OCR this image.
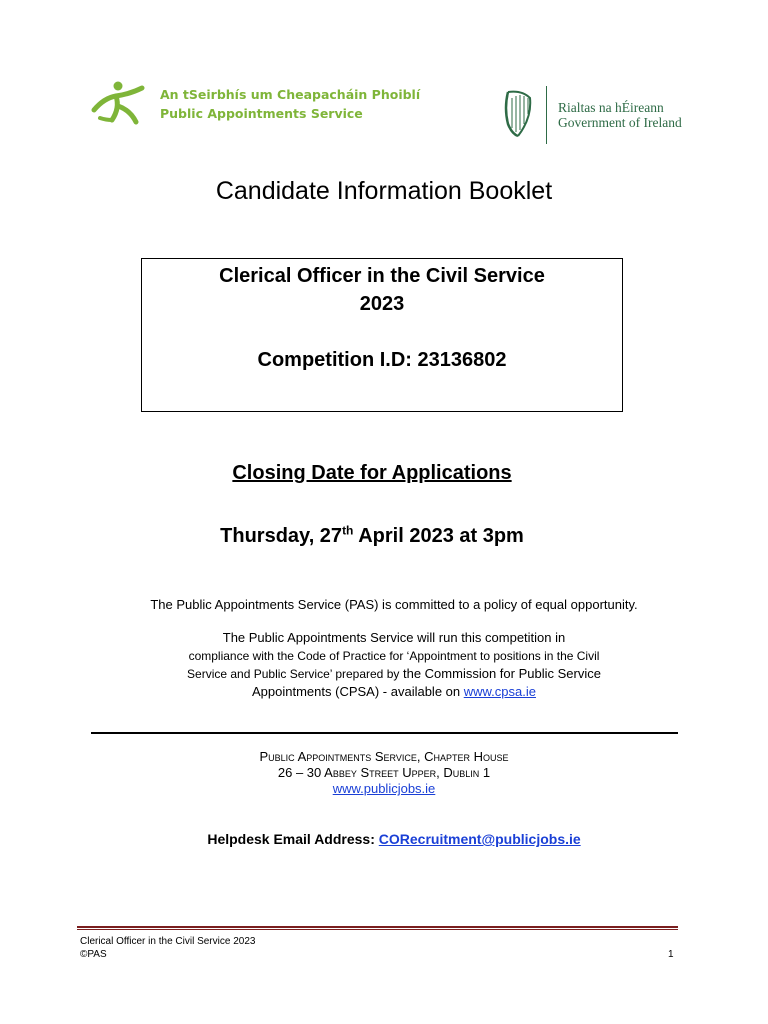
An tSeirbhís um Cheapacháin Phoiblí
Public Appointments Service	Rialtas na hÉireann
Government of Ireland
Candidate Information Booklet
Clerical Officer in the Civil Service
2023
Competition I.D: 23136802
Closing Date for Applications
Thursday, 27th April 2023 at 3pm
The Public Appointments Service (PAS) is committed to a policy of equal opportunity.
The Public Appointments Service will run this competition in
compliance with the Code of Practice for ‘Appointment to positions in the Civil
Service and Public Service’ prepared by the Commission for Public Service
Appointments (CPSA) - available on www.cpsa.ie
Public Appointments Service, Chapter House
26 – 30 Abbey Street Upper, Dublin 1
www.publicjobs.ie
Helpdesk Email Address: CORecruitment@publicjobs.ie
Clerical Officer in the Civil Service 2023
©PAS	1
